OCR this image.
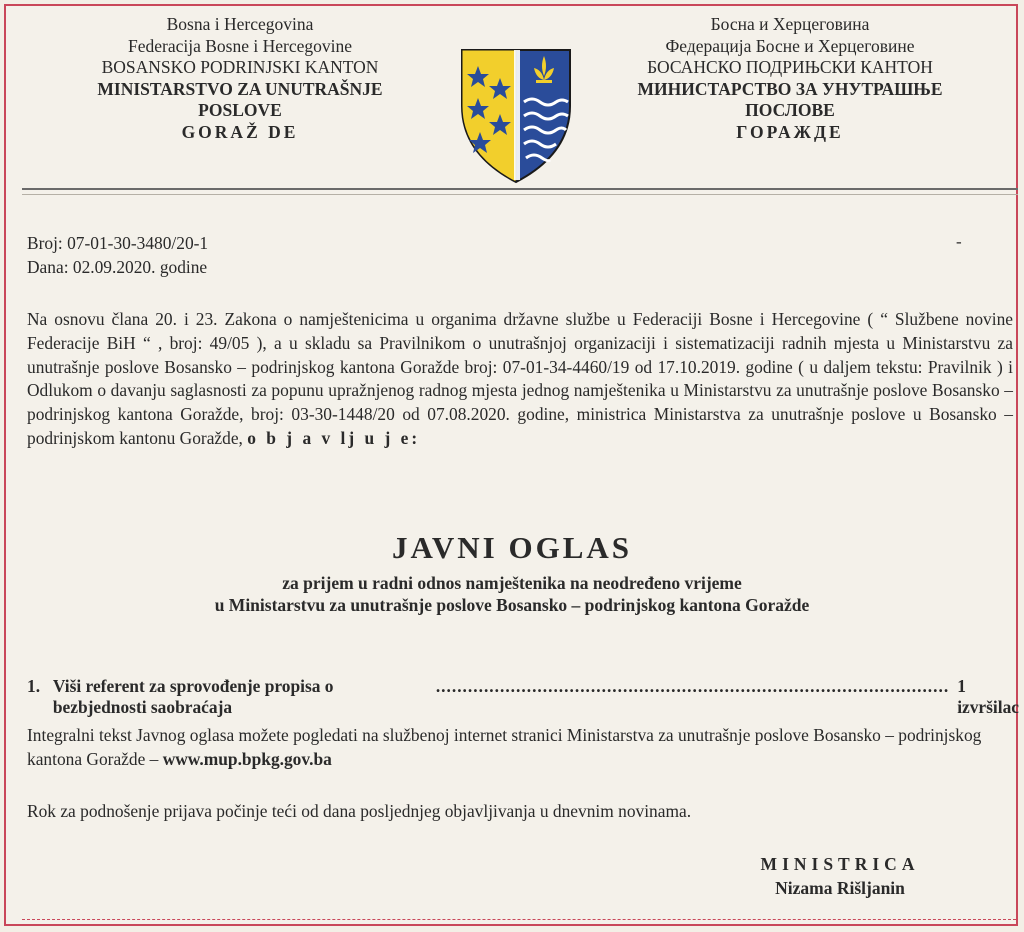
Bosna i Hercegovina
Federacija Bosne i Hercegovine
BOSANSKO PODRINJSKI KANTON
MINISTARSTVO ZA UNUTRAŠNJE
POSLOVE
GORAŽ DE
Босна и Херцеговина
Федерација Босне и Херцеговине
БОСАНСКО ПОДРИЊСКИ КАНТОН
МИНИСТАРСТВО ЗА УНУТРАШЊЕ
ПОСЛОВЕ
ГОРАЖДЕ
Broj: 07-01-30-3480/20-1
Dana: 02.09.2020. godine
-
Na osnovu člana 20. i 23. Zakona o namještenicima u organima državne službe u Federaciji Bosne i Hercegovine ( “ Službene novine Federacije BiH “ , broj: 49/05 ), a u skladu sa Pravilnikom o unutrašnjoj organizaciji i sistematizaciji radnih mjesta u Ministarstvu za unutrašnje poslove Bosansko – podrinjskog kantona Goražde broj: 07-01-34-4460/19 od 17.10.2019. godine ( u daljem tekstu: Pravilnik ) i Odlukom o davanju saglasnosti za popunu upražnjenog radnog mjesta jednog namještenika u Ministarstvu za unutrašnje poslove Bosansko – podrinjskog kantona Goražde, broj: 03-30-1448/20 od 07.08.2020. godine, ministrica Ministarstva za unutrašnje poslove u Bosansko – podrinjskom kantonu Goražde, o b j a v lj u j e:
JAVNI OGLAS
za prijem u radni odnos namještenika na neodređeno vrijeme
u Ministarstvu za unutrašnje poslove Bosansko – podrinjskog kantona Goražde
1. Viši referent za sprovođenje propisa o bezbjednosti saobraćaja
................................................................................................ 1 izvršilac
Integralni tekst Javnog oglasa možete pogledati na službenoj internet stranici Ministarstva za unutrašnje poslove Bosansko – podrinjskog kantona Goražde – www.mup.bpkg.gov.ba
Rok za podnošenje prijava počinje teći od dana posljednjeg objavljivanja u dnevnim novinama.
MINISTRICA
Nizama Rišljanin
